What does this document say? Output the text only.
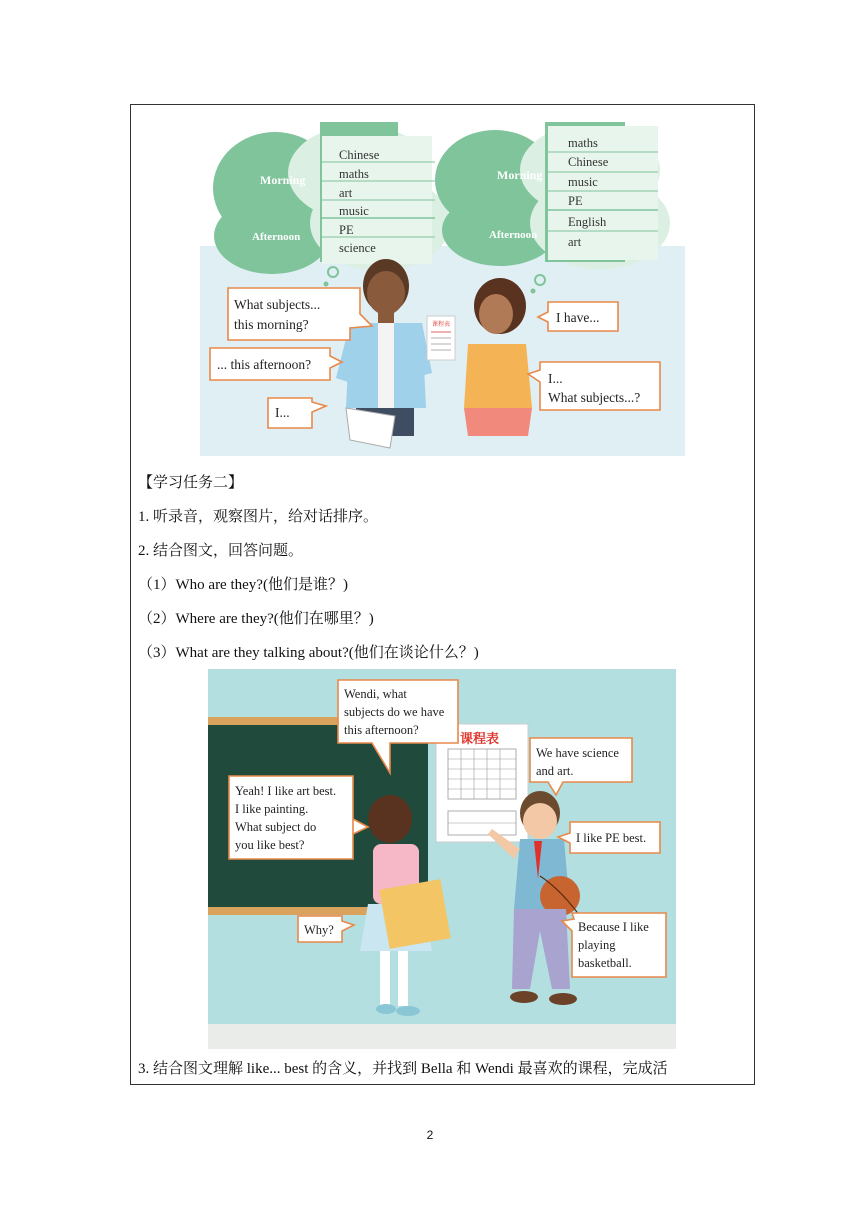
Morning
Afternoon
Chinese
maths
art
music
PE
science
Morning
Afternoon
maths
Chinese
music
PE
English
art
课程表
What subjects...
this morning?
... this afternoon?
I...
I have...
I...
What subjects...?
【学习任务二】
1. 听录音，观察图片，给对话排序。
2. 结合图文，回答问题。
（1）Who are they?(他们是谁？)
（2）Where are they?(他们在哪里？)
（3）What are they talking about?(他们在谈论什么？)
课程表
Wendi, what
subjects do we have
this afternoon?
We have science
and art.
Yeah! I like art best.
I like painting.
What subject do
you like best?	I like PE best.
Why?	Because I like
playing
basketball.
3. 结合图文理解 like... best 的含义，并找到 Bella 和 Wendi 最喜欢的课程，完成活
2
